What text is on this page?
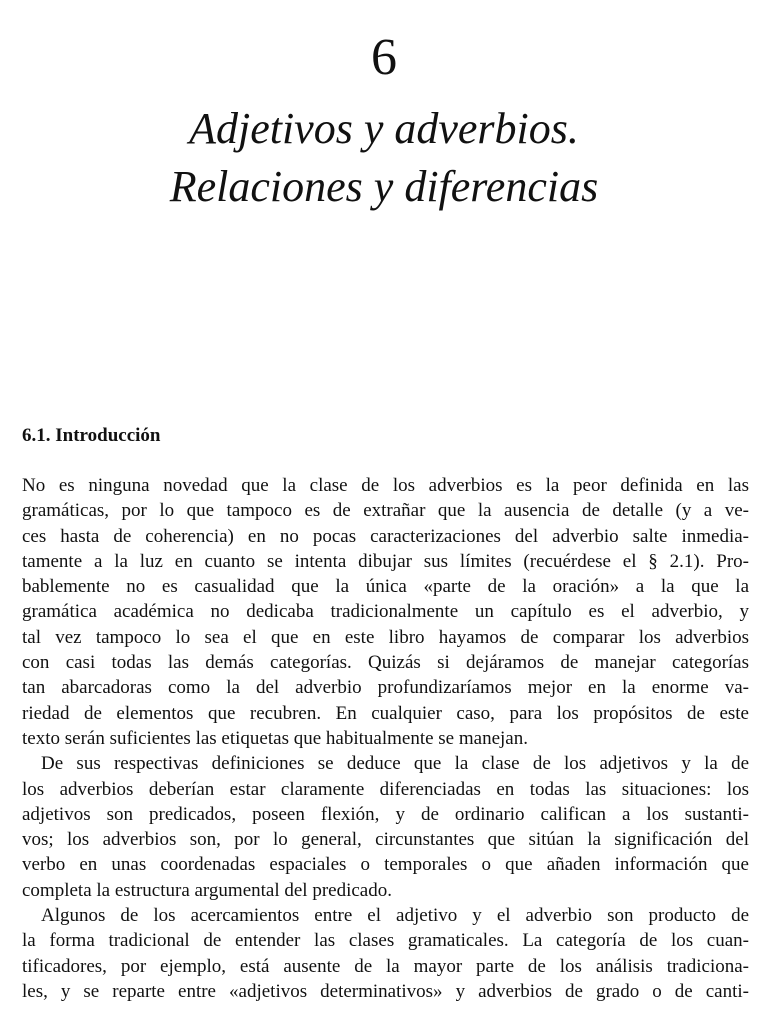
6
Adjetivos y adverbios.
Relaciones y diferencias
6.1. Introducción
No es ninguna novedad que la clase de los adverbios es la peor definida en las
gramáticas, por lo que tampoco es de extrañar que la ausencia de detalle (y a ve-
ces hasta de coherencia) en no pocas caracterizaciones del adverbio salte inmedia-
tamente a la luz en cuanto se intenta dibujar sus límites (recuérdese el § 2.1). Pro-
bablemente no es casualidad que la única «parte de la oración» a la que la
gramática académica no dedicaba tradicionalmente un capítulo es el adverbio, y
tal vez tampoco lo sea el que en este libro hayamos de comparar los adverbios
con casi todas las demás categorías. Quizás si dejáramos de manejar categorías
tan abarcadoras como la del adverbio profundizaríamos mejor en la enorme va-
riedad de elementos que recubren. En cualquier caso, para los propósitos de este
texto serán suficientes las etiquetas que habitualmente se manejan.
De sus respectivas definiciones se deduce que la clase de los adjetivos y la de
los adverbios deberían estar claramente diferenciadas en todas las situaciones: los
adjetivos son predicados, poseen flexión, y de ordinario califican a los sustanti-
vos; los adverbios son, por lo general, circunstantes que sitúan la significación del
verbo en unas coordenadas espaciales o temporales o que añaden información que
completa la estructura argumental del predicado.
Algunos de los acercamientos entre el adjetivo y el adverbio son producto de
la forma tradicional de entender las clases gramaticales. La categoría de los cuan-
tificadores, por ejemplo, está ausente de la mayor parte de los análisis tradiciona-
les, y se reparte entre «adjetivos determinativos» y adverbios de grado o de canti-
